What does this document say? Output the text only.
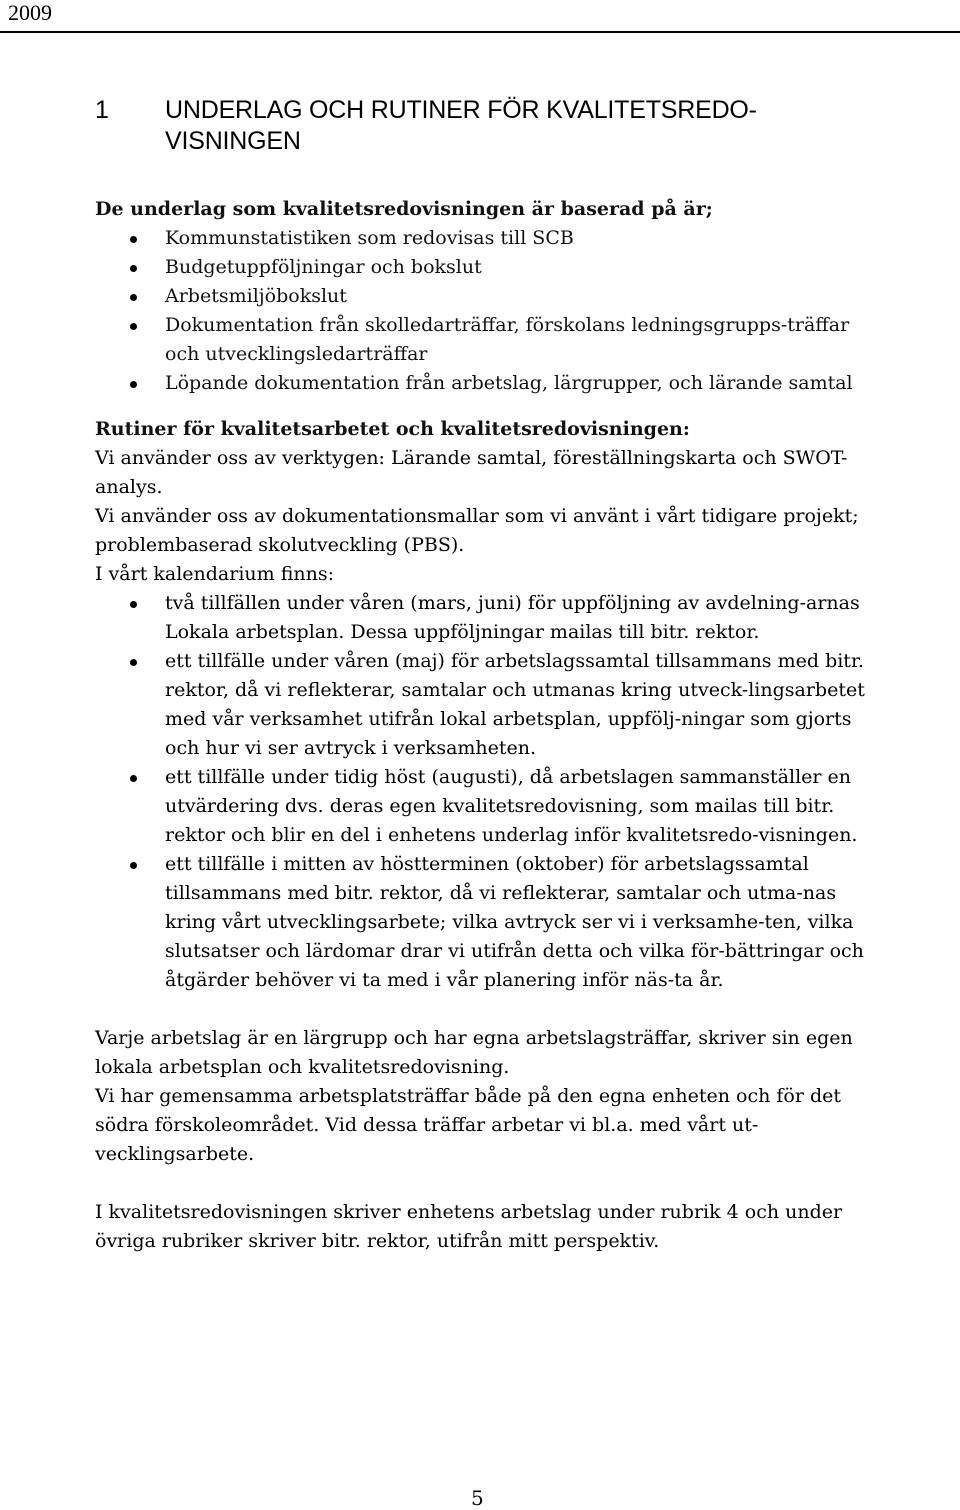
2009
1 UNDERLAG OCH RUTINER FÖR KVALITETSREDO-
VISNINGEN

De underlag som kvalitetsredovisningen är baserad på är;

Kommunstatistiken som redovisas till SCB
Budgetuppföljningar och bokslut
Arbetsmiljöbokslut
Dokumentation från skolledarträffar, förskolans ledningsgrupps-träffar och utvecklingsledarträffar
Löpande dokumentation från arbetslag, lärgrupper, och lärande samtal

Rutiner för kvalitetsarbetet och kvalitetsredovisningen:

Vi använder oss av verktygen: Lärande samtal, föreställningskarta och SWOT-analys.

Vi använder oss av dokumentationsmallar som vi använt i vårt tidigare projekt; problembaserad skolutveckling (PBS).

I vårt kalendarium finns:

två tillfällen under våren (mars, juni) för uppföljning av avdelning-arnas Lokala arbetsplan. Dessa uppföljningar mailas till bitr. rektor.
ett tillfälle under våren (maj) för arbetslagssamtal tillsammans med bitr. rektor, då vi reflekterar, samtalar och utmanas kring utveck-lingsarbetet med vår verksamhet utifrån lokal arbetsplan, uppfölj-ningar som gjorts och hur vi ser avtryck i verksamheten.
ett tillfälle under tidig höst (augusti), då arbetslagen sammanställer en utvärdering dvs. deras egen kvalitetsredovisning, som mailas till bitr. rektor och blir en del i enhetens underlag inför kvalitetsredo-visningen.
ett tillfälle i mitten av höstterminen (oktober) för arbetslagssamtal tillsammans med bitr. rektor, då vi reflekterar, samtalar och utma-nas kring vårt utvecklingsarbete; vilka avtryck ser vi i verksamhe-ten, vilka slutsatser och lärdomar drar vi utifrån detta och vilka för-bättringar och åtgärder behöver vi ta med i vår planering inför näs-ta år.

Varje arbetslag är en lärgrupp och har egna arbetslagsträffar, skriver sin egen lokala arbetsplan och kvalitetsredovisning.

Vi har gemensamma arbetsplatsträffar både på den egna enheten och för det södra förskoleområdet. Vid dessa träffar arbetar vi bl.a. med vårt ut-vecklingsarbete.

I kvalitetsredovisningen skriver enhetens arbetslag under rubrik 4 och under övriga rubriker skriver bitr. rektor, utifrån mitt perspektiv.

5
